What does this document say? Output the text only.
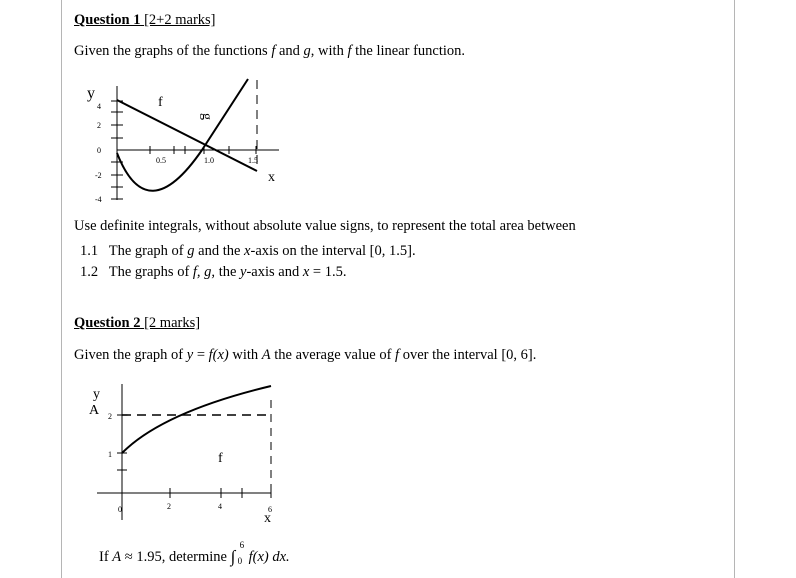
Question 1 [2+2 marks]
Given the graphs of the functions f and g, with f the linear function.
y
x
f
g
4
2
0
-2
-4
0.5	1.0	1.5
Use definite integrals, without absolute value signs, to represent the total area between
1.1 The graph of g and the x-axis on the interval [0, 1.5].
1.2 The graphs of f, g, the y-axis and x = 1.5.
Question 2 [2 marks]
Given the graph of y = f(x) with A the average value of f over the interval [0, 6].
y
A 2
1	f
0	2	4	6
x
If A ≈ 1.95, determine ∫
6
0 f(x) dx.
